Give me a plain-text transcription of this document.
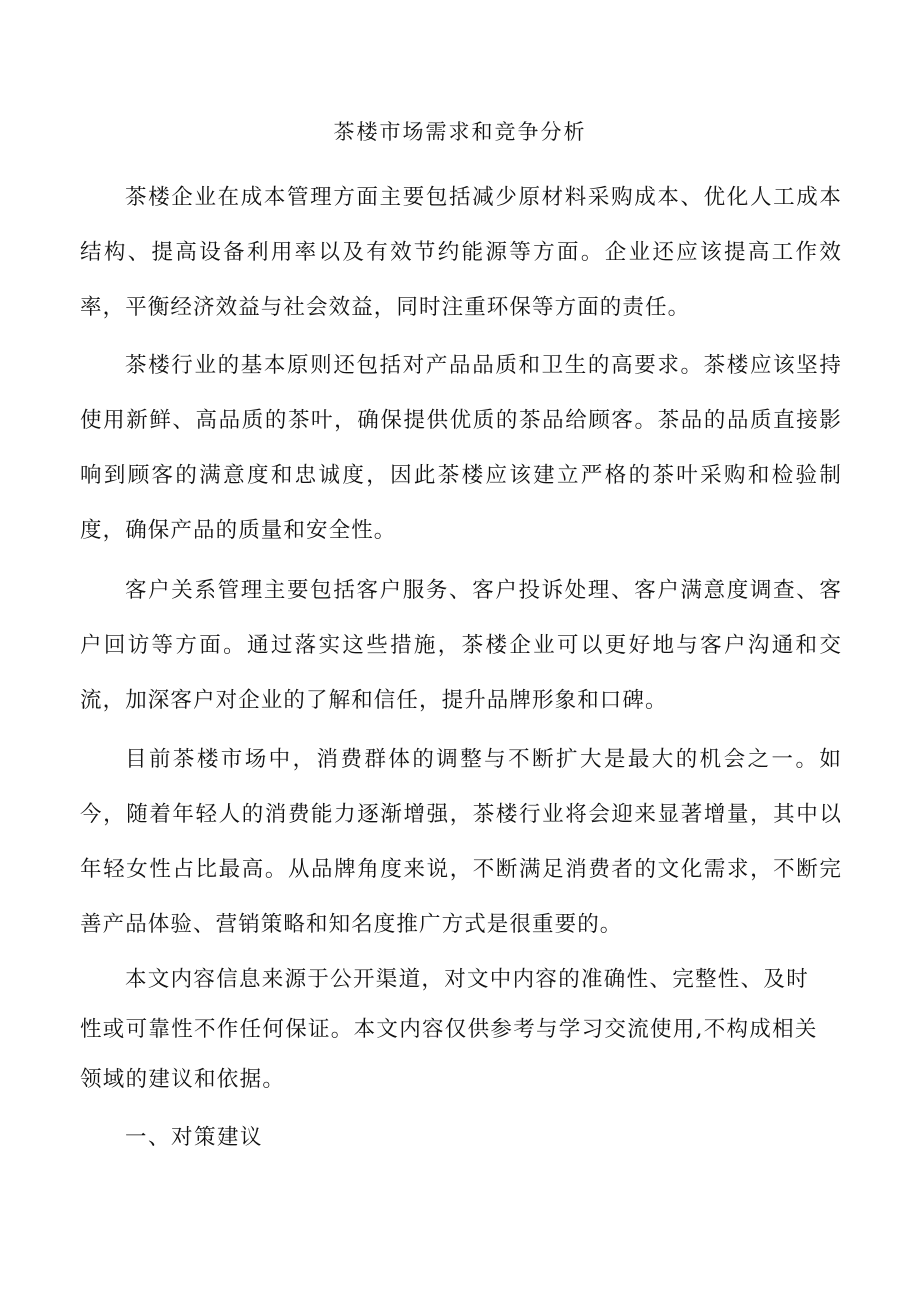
茶楼市场需求和竞争分析

茶楼企业在成本管理方面主要包括减少原材料采购成本、优化人工成本结构、提高设备利用率以及有效节约能源等方面。企业还应该提高工作效率，平衡经济效益与社会效益，同时注重环保等方面的责任。

茶楼行业的基本原则还包括对产品品质和卫生的高要求。茶楼应该坚持使用新鲜、高品质的茶叶，确保提供优质的茶品给顾客。茶品的品质直接影响到顾客的满意度和忠诚度，因此茶楼应该建立严格的茶叶采购和检验制度，确保产品的质量和安全性。

客户关系管理主要包括客户服务、客户投诉处理、客户满意度调查、客户回访等方面。通过落实这些措施，茶楼企业可以更好地与客户沟通和交流，加深客户对企业的了解和信任，提升品牌形象和口碑。

目前茶楼市场中，消费群体的调整与不断扩大是最大的机会之一。如今，随着年轻人的消费能力逐渐增强，茶楼行业将会迎来显著增量，其中以年轻女性占比最高。从品牌角度来说，不断满足消费者的文化需求，不断完善产品体验、营销策略和知名度推广方式是很重要的。

本文内容信息来源于公开渠道，对文中内容的准确性、完整性、及时性或可靠性不作任何保证。本文内容仅供参考与学习交流使用,不构成相关领域的建议和依据。

一、对策建议
